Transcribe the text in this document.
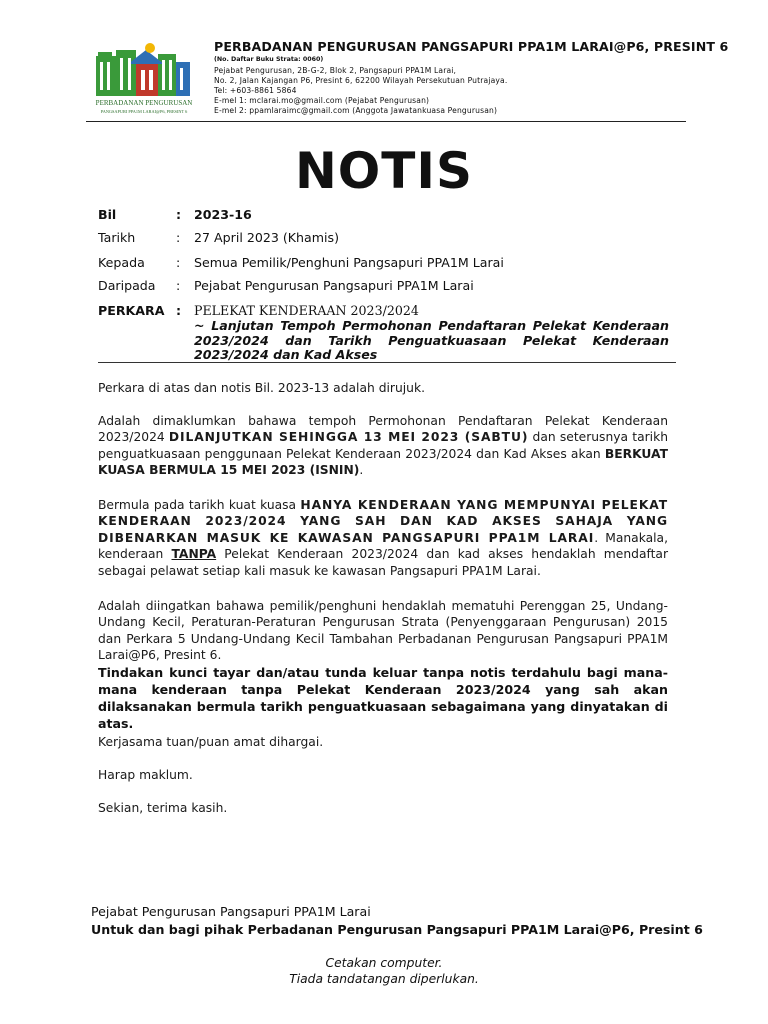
PERBADANAN PENGURUSAN
PANGSAPURI PPA1M LARAI@P6, PRESINT 6
PERBADANAN PENGURUSAN PANGSAPURI PPA1M LARAI@P6, PRESINT 6
(No. Daftar Buku Strata: 0060)
Pejabat Pengurusan, 2B-G-2, Blok 2, Pangsapuri PPA1M Larai,
No. 2, Jalan Kajangan P6, Presint 6, 62200 Wilayah Persekutuan Putrajaya.
Tel: +603-8861 5864
E-mel 1: mclarai.mo@gmail.com (Pejabat Pengurusan)
E-mel 2: ppamlaraimc@gmail.com (Anggota Jawatankuasa Pengurusan)
NOTIS
Bil	: 2023-16
Tarikh	: 27 April 2023 (Khamis)
Kepada : Semua Pemilik/Penghuni Pangsapuri PPA1M Larai
Daripada : Pejabat Pengurusan Pangsapuri PPA1M Larai
PERKARA : PELEKAT KENDERAAN 2023/2024
~ Lanjutan Tempoh Permohonan Pendaftaran Pelekat Kenderaan 2023/2024 dan Tarikh Penguatkuasaan Pelekat Kenderaan 2023/2024 dan Kad Akses
Perkara di atas dan notis Bil. 2023-13 adalah dirujuk.
Adalah dimaklumkan bahawa tempoh Permohonan Pendaftaran Pelekat Kenderaan 2023/2024 DILANJUTKAN SEHINGGA 13 MEI 2023 (SABTU) dan seterusnya tarikh penguatkuasaan penggunaan Pelekat Kenderaan 2023/2024 dan Kad Akses akan BERKUAT KUASA BERMULA 15 MEI 2023 (ISNIN).
Bermula pada tarikh kuat kuasa HANYA KENDERAAN YANG MEMPUNYAI PELEKAT KENDERAAN 2023/2024 YANG SAH DAN KAD AKSES SAHAJA YANG DIBENARKAN MASUK KE KAWASAN PANGSAPURI PPA1M LARAI. Manakala, kenderaan TANPA Pelekat Kenderaan 2023/2024 dan kad akses hendaklah mendaftar sebagai pelawat setiap kali masuk ke kawasan Pangsapuri PPA1M Larai.
Adalah diingatkan bahawa pemilik/penghuni hendaklah mematuhi Perenggan 25, Undang-Undang Kecil, Peraturan-Peraturan Pengurusan Strata (Penyenggaraan Pengurusan) 2015 dan Perkara 5 Undang-Undang Kecil Tambahan Perbadanan Pengurusan Pangsapuri PPA1M Larai@P6, Presint 6.
Tindakan kunci tayar dan/atau tunda keluar tanpa notis terdahulu bagi mana-mana kenderaan tanpa Pelekat Kenderaan 2023/2024 yang sah akan dilaksanakan bermula tarikh penguatkuasaan sebagaimana yang dinyatakan di atas.
Kerjasama tuan/puan amat dihargai.
Harap maklum.
Sekian, terima kasih.
Pejabat Pengurusan Pangsapuri PPA1M Larai
Untuk dan bagi pihak Perbadanan Pengurusan Pangsapuri PPA1M Larai@P6, Presint 6
Cetakan computer.
Tiada tandatangan diperlukan.
